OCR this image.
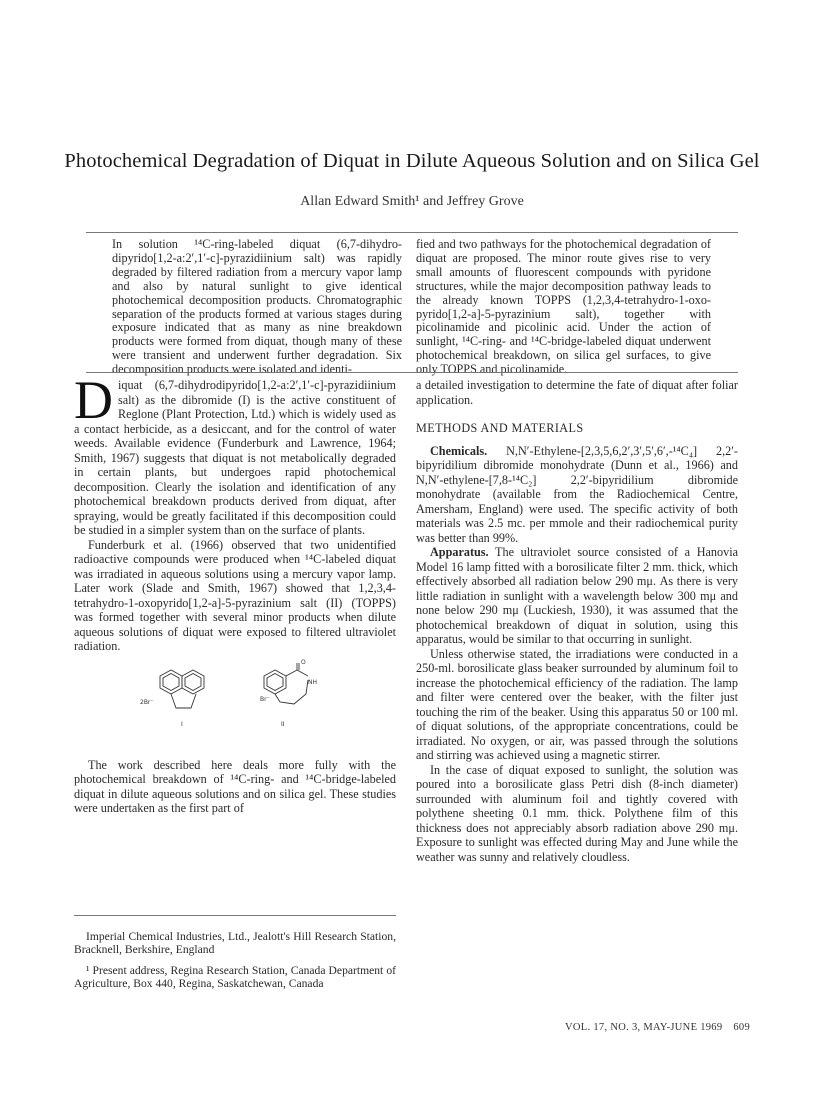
Photochemical Degradation of Diquat in Dilute Aqueous Solution and on Silica Gel
Allan Edward Smith¹ and Jeffrey Grove

In solution ¹⁴C-ring-labeled diquat (6,7-dihydro-dipyrido[1,2-a:2′,1′-c]-pyrazidiinium salt) was rapidly degraded by filtered radiation from a mercury vapor lamp and also by natural sunlight to give identical photochemical decomposition products. Chromatographic separation of the products formed at various stages during exposure indicated that as many as nine breakdown products were formed from diquat, though many of these were transient and underwent further degradation. Six decomposition products were isolated and identi-

fied and two pathways for the photochemical degradation of diquat are proposed. The minor route gives rise to very small amounts of fluorescent compounds with pyridone structures, while the major decomposition pathway leads to the already known TOPPS (1,2,3,4-tetrahydro-1-oxo-pyrido[1,2-a]-5-pyrazinium salt), together with picolinamide and picolinic acid. Under the action of sunlight, ¹⁴C-ring- and ¹⁴C-bridge-labeled diquat underwent photochemical breakdown, on silica gel surfaces, to give only TOPPS and picolinamide.

Diquat (6,7-dihydrodipyrido[1,2-a:2′,1′-c]-pyrazidiinium salt) as the dibromide (I) is the active constituent of Reglone (Plant Protection, Ltd.) which is widely used as a contact herbicide, as a desiccant, and for the control of water weeds. Available evidence (Funderburk and Lawrence, 1964; Smith, 1967) suggests that diquat is not metabolically degraded in certain plants, but undergoes rapid photochemical decomposition. Clearly the isolation and identification of any photochemical breakdown products derived from diquat, after spraying, would be greatly facilitated if this decomposition could be studied in a simpler system than on the surface of plants.

Funderburk et al. (1966) observed that two unidentified radioactive compounds were produced when ¹⁴C-labeled diquat was irradiated in aqueous solutions using a mercury vapor lamp. Later work (Slade and Smith, 1967) showed that 1,2,3,4-tetrahydro-1-oxopyrido[1,2-a]-5-pyrazinium salt (II) (TOPPS) was formed together with several minor products when dilute aqueous solutions of diquat were exposed to filtered ultraviolet radiation.

2Br⁻
I
O
NH
Br⁻
II

The work described here deals more fully with the photochemical breakdown of ¹⁴C-ring- and ¹⁴C-bridge-labeled diquat in dilute aqueous solutions and on silica gel. These studies were undertaken as the first part of

Imperial Chemical Industries, Ltd., Jealott's Hill Research Station, Bracknell, Berkshire, England
¹ Present address, Regina Research Station, Canada Department of Agriculture, Box 440, Regina, Saskatchewan, Canada

a detailed investigation to determine the fate of diquat after foliar application.

METHODS AND MATERIALS

Chemicals. N,N′-Ethylene-[2,3,5,6,2′,3′,5′,6′,-¹⁴C₄] 2,2′-bipyridilium dibromide monohydrate (Dunn et al., 1966) and N,N′-ethylene-[7,8-¹⁴C₂] 2,2′-bipyridilium dibromide monohydrate (available from the Radiochemical Centre, Amersham, England) were used. The specific activity of both materials was 2.5 mc. per mmole and their radiochemical purity was better than 99%.

Apparatus. The ultraviolet source consisted of a Hanovia Model 16 lamp fitted with a borosilicate filter 2 mm. thick, which effectively absorbed all radiation below 290 mμ. As there is very little radiation in sunlight with a wavelength below 300 mμ and none below 290 mμ (Luckiesh, 1930), it was assumed that the photochemical breakdown of diquat in solution, using this apparatus, would be similar to that occurring in sunlight.

Unless otherwise stated, the irradiations were conducted in a 250-ml. borosilicate glass beaker surrounded by aluminum foil to increase the photochemical efficiency of the radiation. The lamp and filter were centered over the beaker, with the filter just touching the rim of the beaker. Using this apparatus 50 or 100 ml. of diquat solutions, of the appropriate concentrations, could be irradiated. No oxygen, or air, was passed through the solutions and stirring was achieved using a magnetic stirrer.

In the case of diquat exposed to sunlight, the solution was poured into a borosilicate glass Petri dish (8-inch diameter) surrounded with aluminum foil and tightly covered with polythene sheeting 0.1 mm. thick. Polythene film of this thickness does not appreciably absorb radiation above 290 mμ. Exposure to sunlight was effected during May and June while the weather was sunny and relatively cloudless.

VOL. 17, NO. 3, MAY-JUNE 1969 609
